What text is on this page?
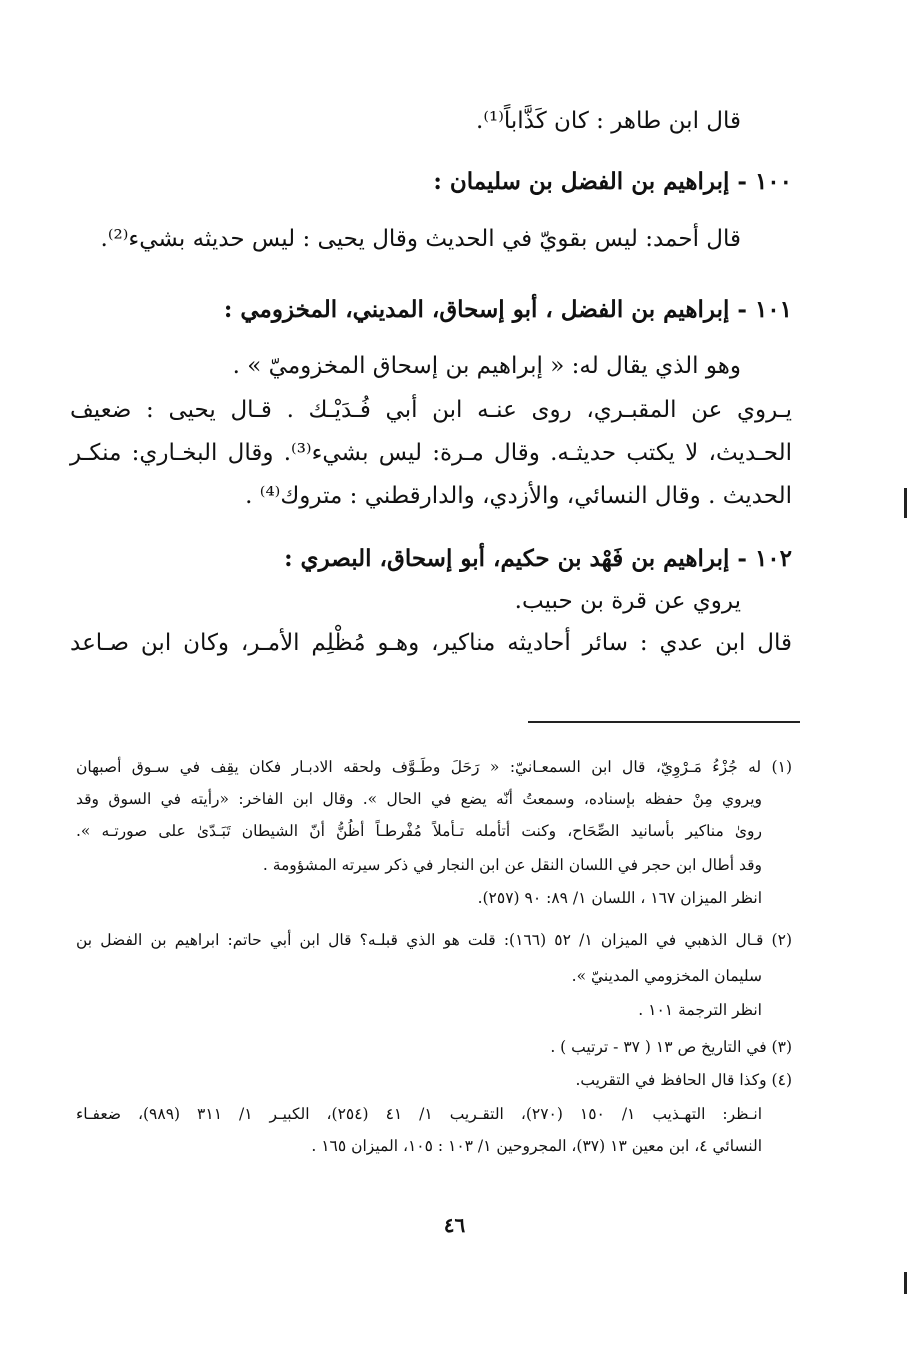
قال ابن طاهر : كان كَذَّاباً⁽¹⁾.
١٠٠ - إبراهيم بن الفضل بن سليمان :
قال أحمد: ليس بقويّ في الحديث وقال يحيى : ليس حديثه بشيء⁽²⁾.
١٠١ - إبراهيم بن الفضل ، أبو إسحاق، المديني، المخزومي :
وهو الذي يقال له: « إبراهيم بن إسحاق المخزوميّ » .
يـروي عن المقبـري، روى عنـه ابن أبي فُـدَيْـك . قـال يحيى : ضعيف
الحـديث، لا يكتب حديثـه. وقال مـرة: ليس بشيء⁽³⁾. وقال البخـاري: منكـر
الحديث . وقال النسائي، والأزدي، والدارقطني : متروك⁽⁴⁾ .
١٠٢ - إبراهيم بن فَهْد بن حكيم، أبو إسحاق، البصري :
يروي عن قرة بن حبيب.
قال ابن عدي : سائر أحاديثه مناكير، وهـو مُظْلِم الأمـر، وكان ابن صـاعد
(١) له جُزْءُ مَـرْوِيّ، قال ابن السمعـانيّ: « رَحَلَ وطَـوَّف ولحقه الادبـار فكان يقِف في سـوق أصبهان
ويروي مِنْ حفظه بإسناده، وسمعتُ أنّه يضع في الحال ». وقال ابن الفاخر: «رأيته في السوق وقد
روىٰ مناكير بأسانيد الصِّحَاح، وكنت أتأمله تـأملاً مُفْرطـاً أظُنُّ أنّ الشيطان تَبَـدّىٰ على صورتـه ».
وقد أطال ابن حجر في اللسان النقل عن ابن النجار في ذكر سيرته المشؤومة .
انظر الميزان ١٦٧ ، اللسان ١/ ٨٩: ٩٠ (٢٥٧).
(٢) قـال الذهبي في الميزان ١/ ٥٢ (١٦٦): قلت هو الذي قبلـه؟ قال ابن أبي حاتم: ابراهيم بن الفضل بن
سليمان المخزومي المدينيّ ».
انظر الترجمة ١٠١ .
(٣) في التاريخ ص ١٣ ( ٣٧ - ترتيب ) .
(٤) وكذا قال الحافظ في التقريب.
انـظر: التهـذيب ١/ ١٥٠ (٢٧٠)، التقـريب ١/ ٤١ (٢٥٤)، الكبيـر ١/ ٣١١ (٩٨٩)، ضعفـاء
النسائي ٤، ابن معين ١٣ (٣٧)، المجروحين ١/ ١٠٣ : ١٠٥، الميزان ١٦٥ .
٤٦
